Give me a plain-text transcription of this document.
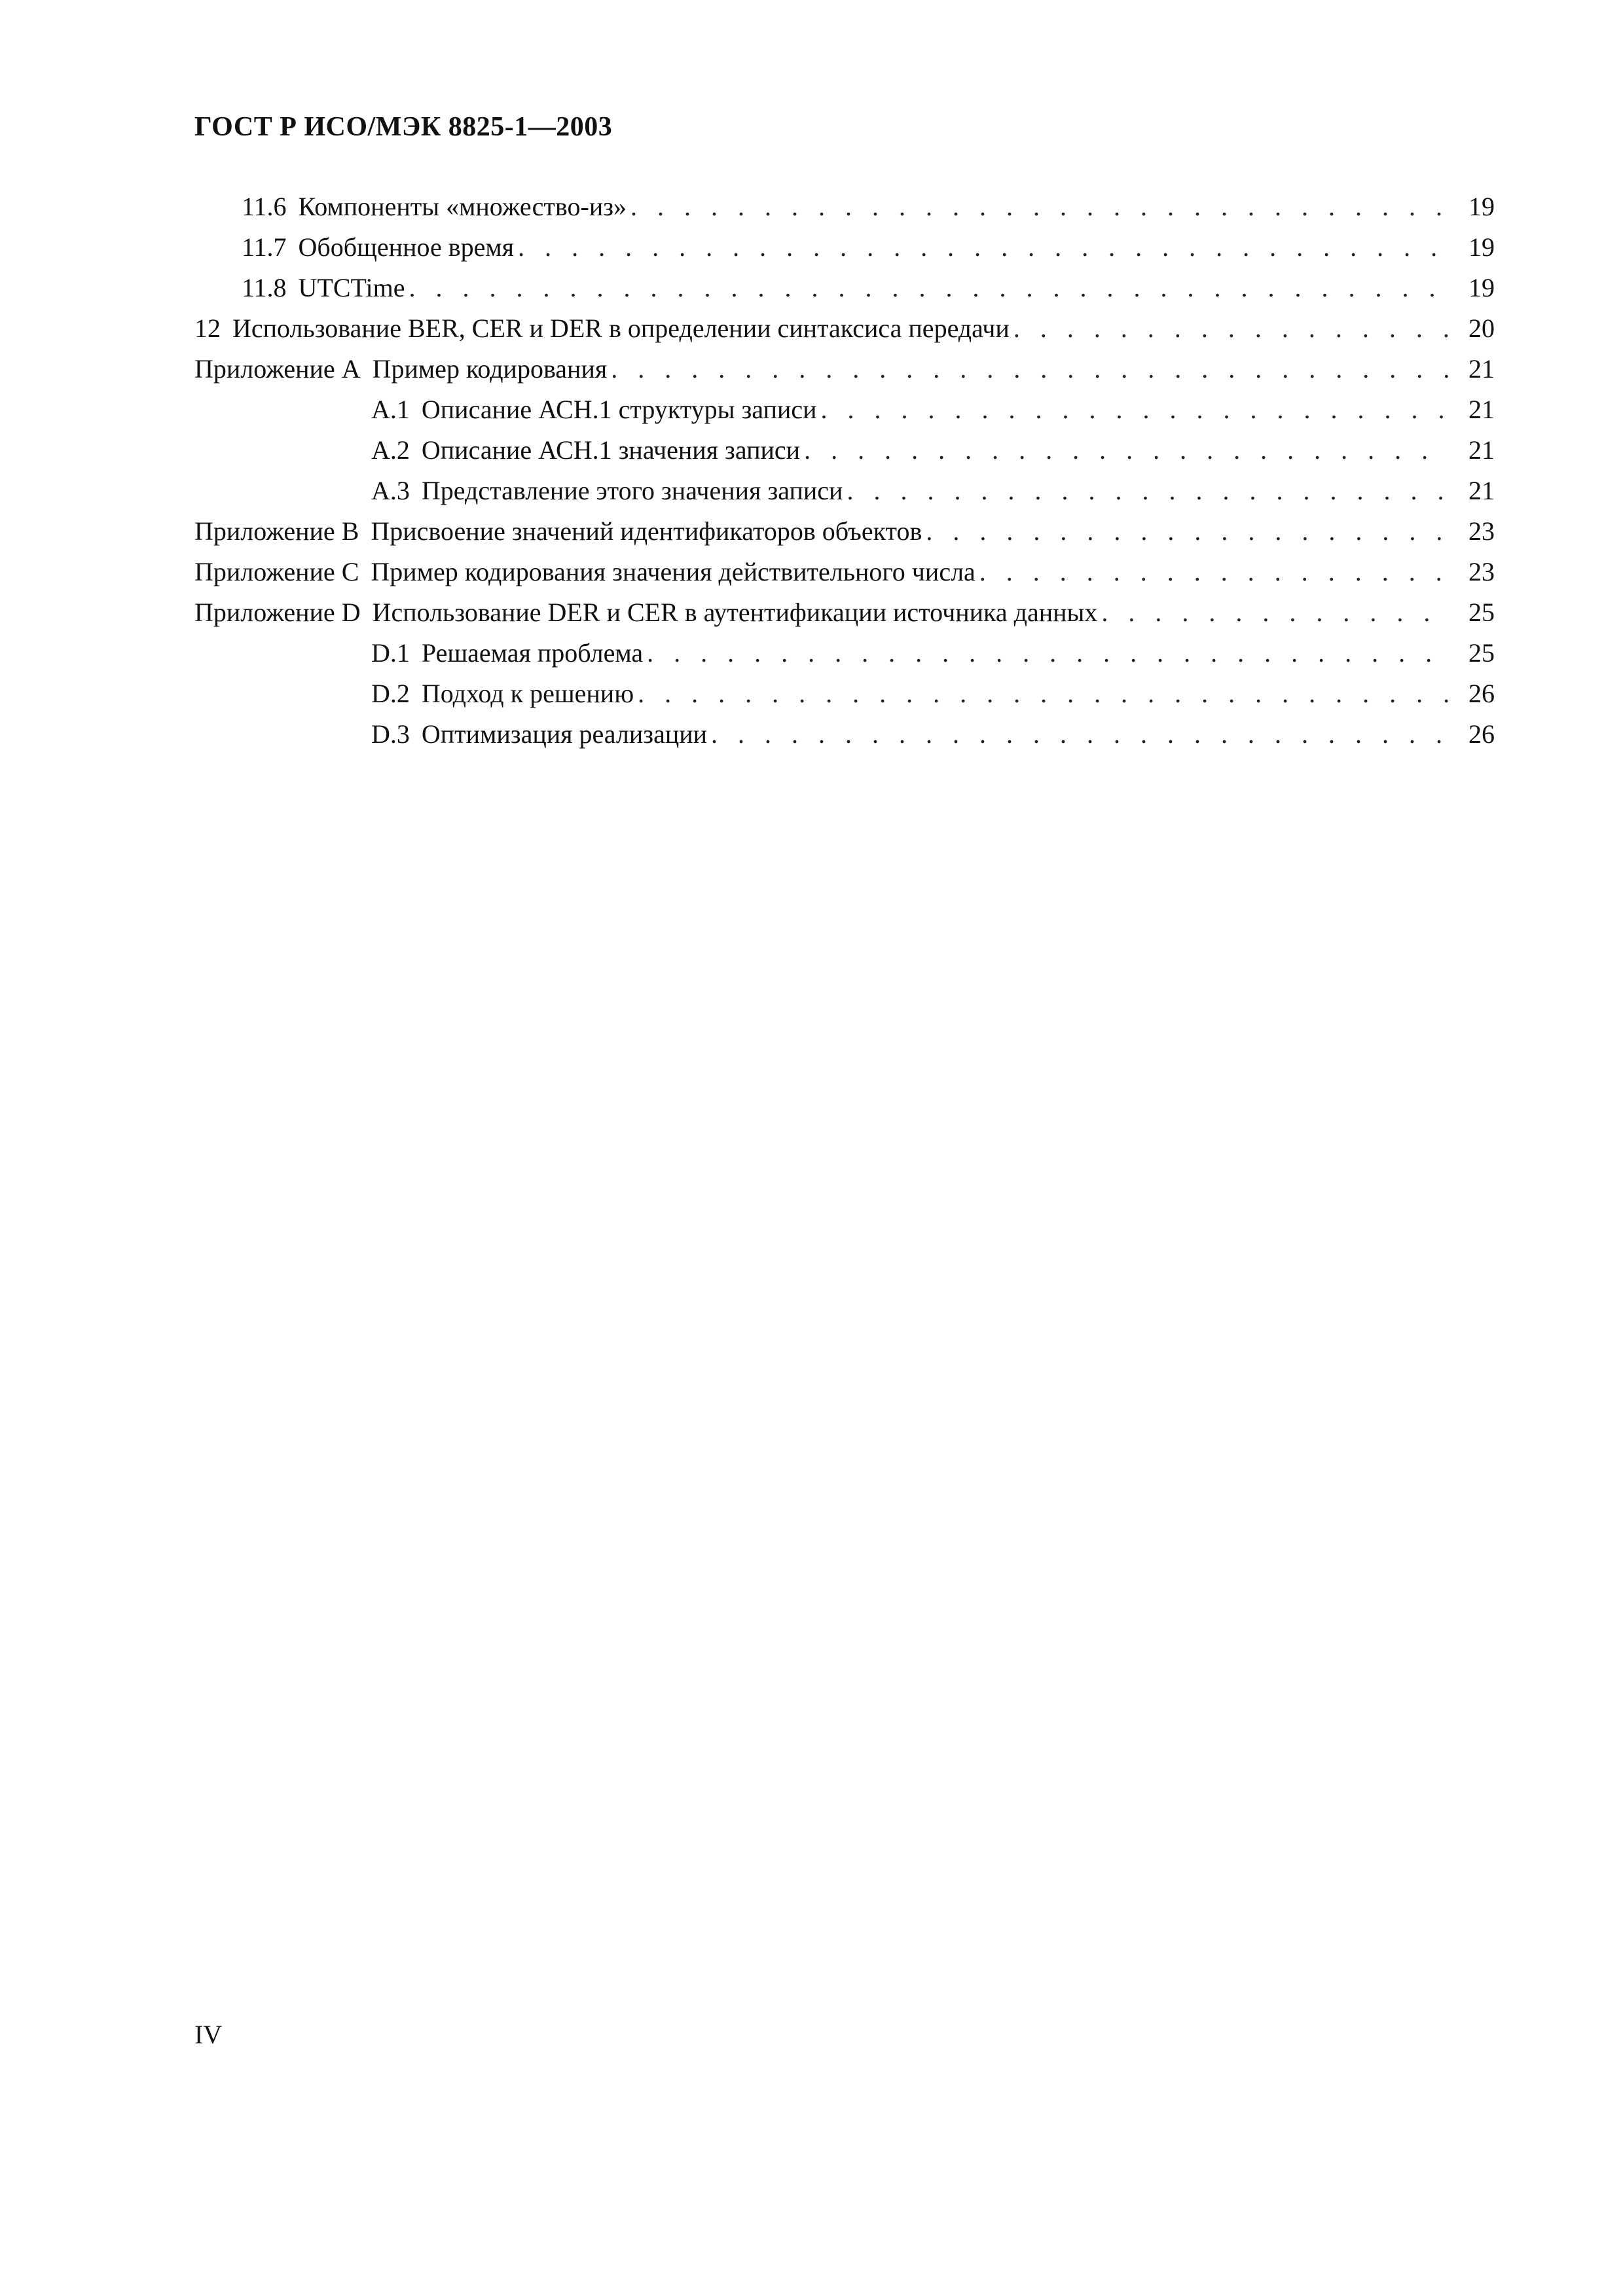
ГОСТ Р ИСО/МЭК 8825-1—2003
11.6 Компоненты «множество-из» . . .	19
11.7 Обобщенное время . . .	19
11.8 UTCTime . . .	19
12 Использование BER, CER и DER в определении синтаксиса передачи . . .	20
Приложение А Пример кодирования . . .	21
А.1 Описание АСН.1 структуры записи . . .	21
А.2 Описание АСН.1 значения записи . . .	21
А.3 Представление этого значения записи . . .	21
Приложение В Присвоение значений идентификаторов объектов . . .	23
Приложение С Пример кодирования значения действительного числа . . .	23
Приложение D Использование DER и CER в аутентификации источника данных . . .	25
D.1 Решаемая проблема . . .	25
D.2 Подход к решению . . .	26
D.3 Оптимизация реализации . . .	26
IV
